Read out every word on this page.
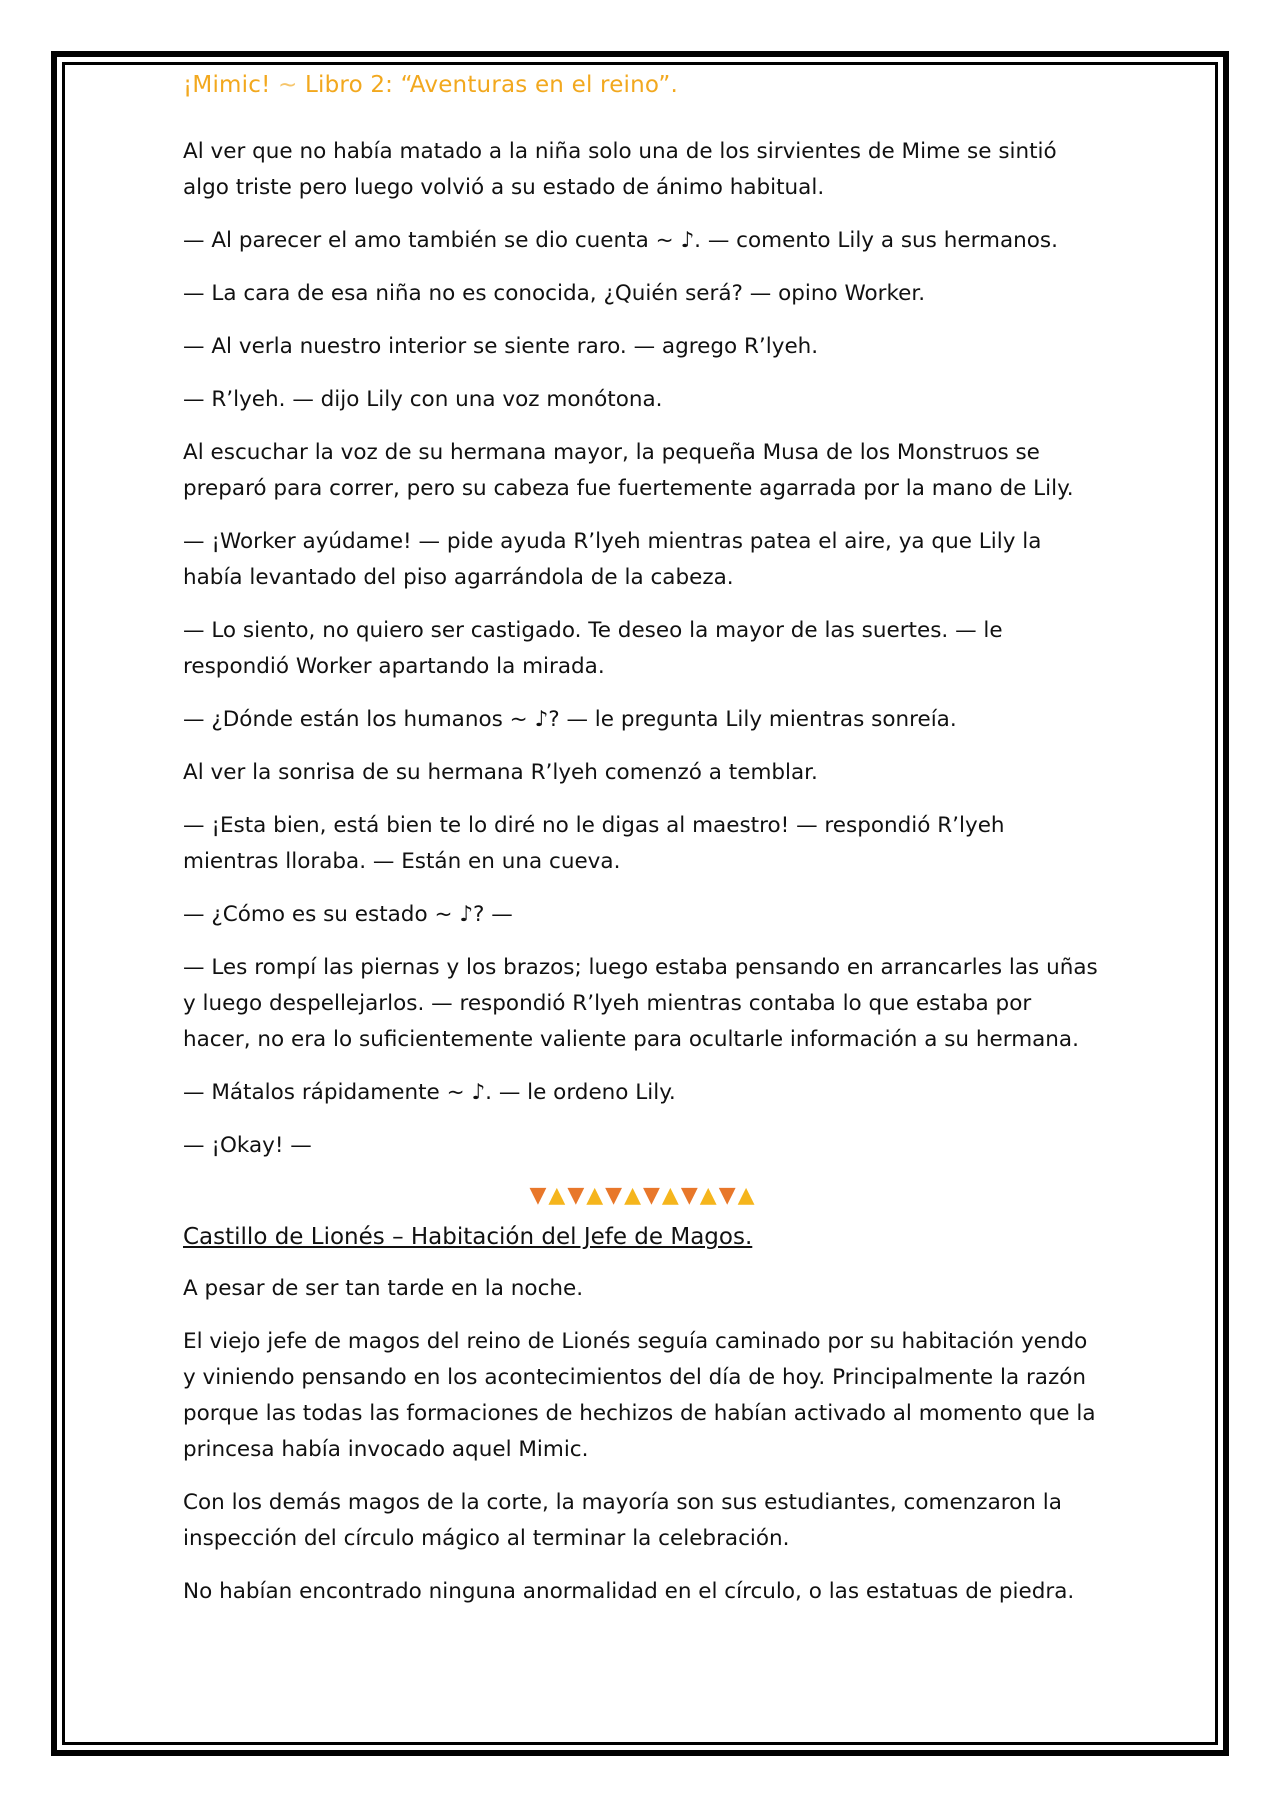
¡Mimic! ~ Libro 2: “Aventuras en el reino”.

Al ver que no había matado a la niña solo una de los sirvientes de Mime se sintió algo triste pero luego volvió a su estado de ánimo habitual.

— Al parecer el amo también se dio cuenta ~ ♪. — comento Lily a sus hermanos.

— La cara de esa niña no es conocida, ¿Quién será? — opino Worker.

— Al verla nuestro interior se siente raro. — agrego R’lyeh.

— R’lyeh. — dijo Lily con una voz monótona.

Al escuchar la voz de su hermana mayor, la pequeña Musa de los Monstruos se preparó para correr, pero su cabeza fue fuertemente agarrada por la mano de Lily.

— ¡Worker ayúdame! — pide ayuda R’lyeh mientras patea el aire, ya que Lily la había levantado del piso agarrándola de la cabeza.

— Lo siento, no quiero ser castigado. Te deseo la mayor de las suertes. — le respondió Worker apartando la mirada.

— ¿Dónde están los humanos ~ ♪? — le pregunta Lily mientras sonreía.

Al ver la sonrisa de su hermana R’lyeh comenzó a temblar.

— ¡Esta bien, está bien te lo diré no le digas al maestro! — respondió R’lyeh mientras lloraba. — Están en una cueva.

— ¿Cómo es su estado ~ ♪? —

— Les rompí las piernas y los brazos; luego estaba pensando en arrancarles las uñas y luego despellejarlos. — respondió R’lyeh mientras contaba lo que estaba por hacer, no era lo suficientemente valiente para ocultarle información a su hermana.

— Mátalos rápidamente ~ ♪. — le ordeno Lily.

— ¡Okay! —

▼▲▼▲▼▲▼▲▼▲▼▲
Castillo de Lionés – Habitación del Jefe de Magos.

A pesar de ser tan tarde en la noche.

El viejo jefe de magos del reino de Lionés seguía caminado por su habitación yendo y viniendo pensando en los acontecimientos del día de hoy. Principalmente la razón porque las todas las formaciones de hechizos de habían activado al momento que la princesa había invocado aquel Mimic.

Con los demás magos de la corte, la mayoría son sus estudiantes, comenzaron la inspección del círculo mágico al terminar la celebración.

No habían encontrado ninguna anormalidad en el círculo, o las estatuas de piedra.
